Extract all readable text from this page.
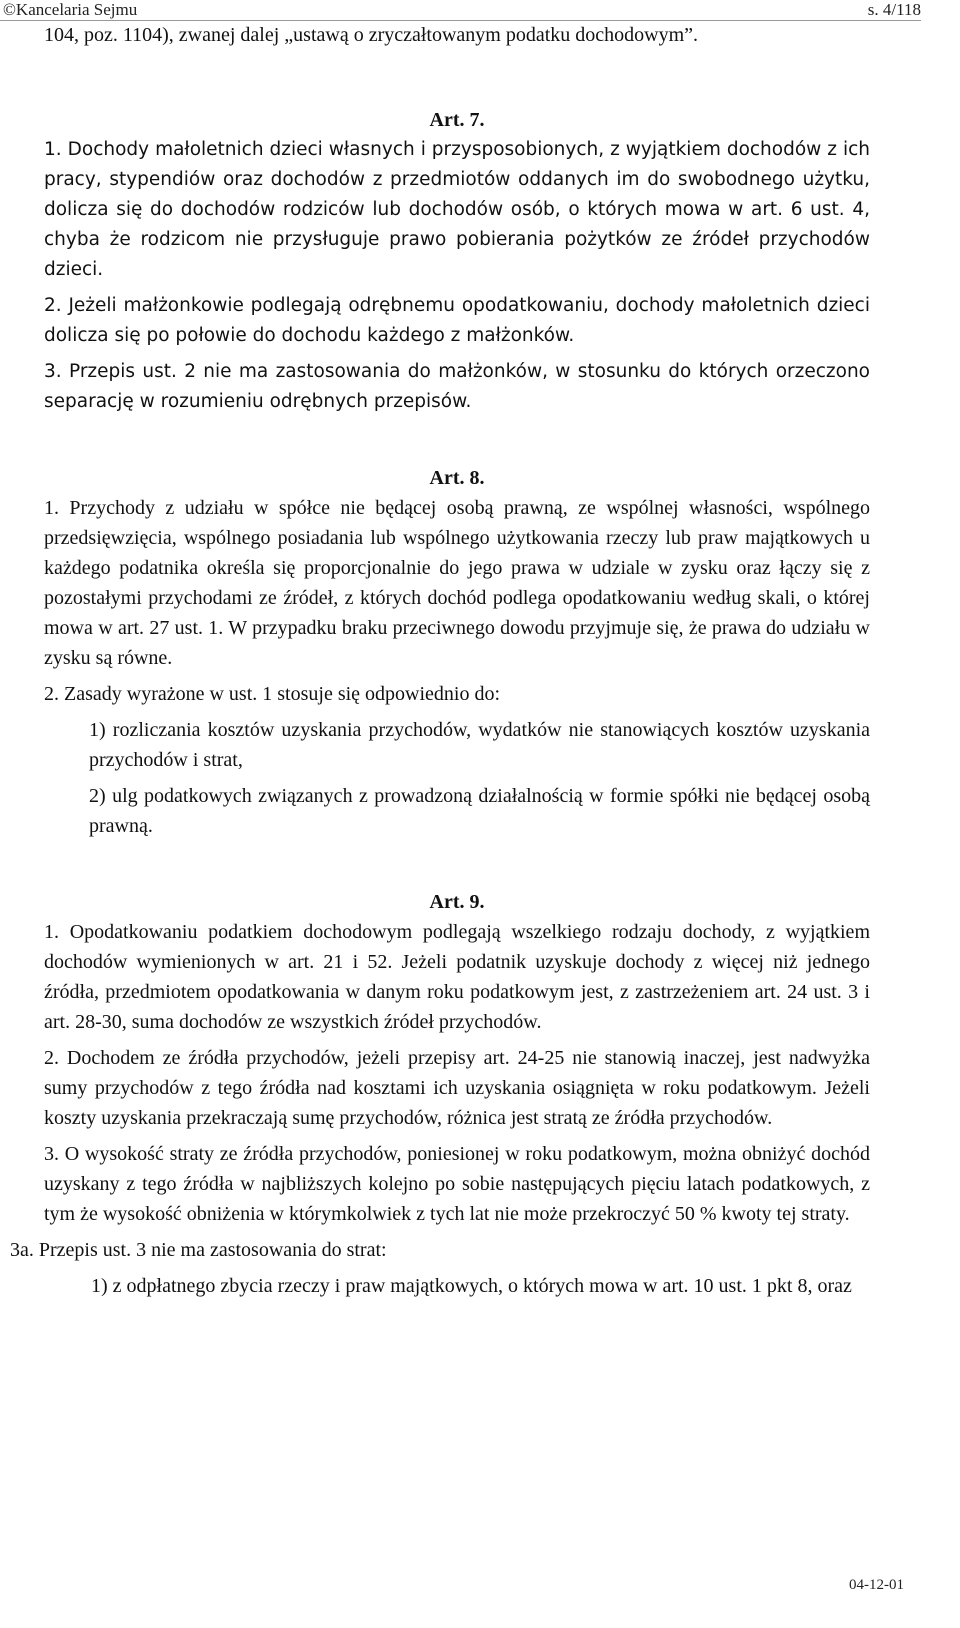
©Kancelaria Sejmu	s. 4/118

104, poz. 1104), zwanej dalej „ustawą o zryczałtowanym podatku dochodowym”.

Art. 7.

1. Dochody małoletnich dzieci własnych i przysposobionych, z wyjątkiem dochodów z ich pracy, stypendiów oraz dochodów z przedmiotów oddanych im do swobodnego użytku, dolicza się do dochodów rodziców lub dochodów osób, o których mowa w art. 6 ust. 4, chyba że rodzicom nie przysługuje prawo pobierania pożytków ze źródeł przychodów dzieci.

2. Jeżeli małżonkowie podlegają odrębnemu opodatkowaniu, dochody małoletnich dzieci dolicza się po połowie do dochodu każdego z małżonków.

3. Przepis ust. 2 nie ma zastosowania do małżonków, w stosunku do których orzeczono separację w rozumieniu odrębnych przepisów.

Art. 8.

1. Przychody z udziału w spółce nie będącej osobą prawną, ze wspólnej własności, wspólnego przedsięwzięcia, wspólnego posiadania lub wspólnego użytkowania rzeczy lub praw majątkowych u każdego podatnika określa się proporcjonalnie do jego prawa w udziale w zysku oraz łączy się z pozostałymi przychodami ze źródeł, z których dochód podlega opodatkowaniu według skali, o której mowa w art. 27 ust. 1. W przypadku braku przeciwnego dowodu przyjmuje się, że prawa do udziału w zysku są równe.

2. Zasady wyrażone w ust. 1 stosuje się odpowiednio do:

1) rozliczania kosztów uzyskania przychodów, wydatków nie stanowiących kosztów uzyskania przychodów i strat,

2) ulg podatkowych związanych z prowadzoną działalnością w formie spółki nie będącej osobą prawną.

Art. 9.

1. Opodatkowaniu podatkiem dochodowym podlegają wszelkiego rodzaju dochody, z wyjątkiem dochodów wymienionych w art. 21 i 52. Jeżeli podatnik uzyskuje dochody z więcej niż jednego źródła, przedmiotem opodatkowania w danym roku podatkowym jest, z zastrzeżeniem art. 24 ust. 3 i art. 28-30, suma dochodów ze wszystkich źródeł przychodów.

2. Dochodem ze źródła przychodów, jeżeli przepisy art. 24-25 nie stanowią inaczej, jest nadwyżka sumy przychodów z tego źródła nad kosztami ich uzyskania osiągnięta w roku podatkowym. Jeżeli koszty uzyskania przekraczają sumę przychodów, różnica jest stratą ze źródła przychodów.

3. O wysokość straty ze źródła przychodów, poniesionej w roku podatkowym, można obniżyć dochód uzyskany z tego źródła w najbliższych kolejno po sobie następujących pięciu latach podatkowych, z tym że wysokość obniżenia w którymkolwiek z tych lat nie może przekroczyć 50 % kwoty tej straty.

3a. Przepis ust. 3 nie ma zastosowania do strat:

1) z odpłatnego zbycia rzeczy i praw majątkowych, o których mowa w art. 10 ust. 1 pkt 8, oraz

04-12-01
